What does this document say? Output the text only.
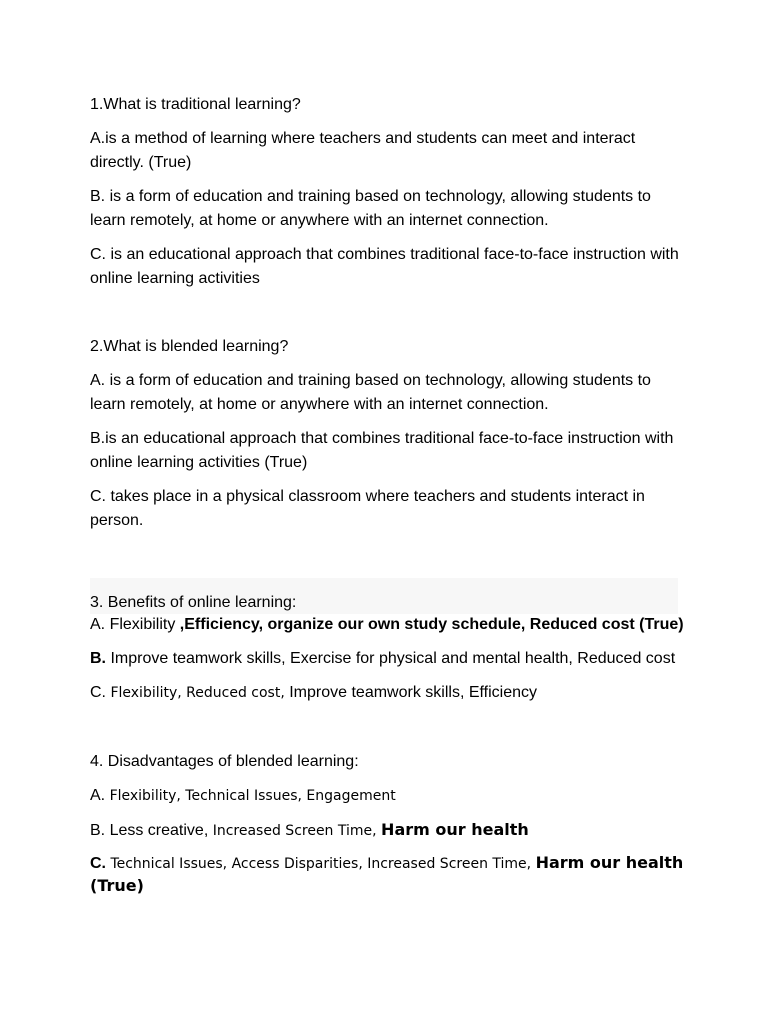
1.What is traditional learning?

A.is a method of learning where teachers and students can meet and interact directly. (True)

B. is a form of education and training based on technology, allowing students to learn remotely, at home or anywhere with an internet connection.

C. is an educational approach that combines traditional face-to-face instruction with online learning activities

2.What is blended learning?

A. is a form of education and training based on technology, allowing students to learn remotely, at home or anywhere with an internet connection.

B.is an educational approach that combines traditional face-to-face instruction with online learning activities (True)

C. takes place in a physical classroom where teachers and students interact in person.

3. Benefits of online learning:

A. Flexibility ,Efficiency, organize our own study schedule, Reduced cost (True)

B. Improve teamwork skills, Exercise for physical and mental health, Reduced cost

C. Flexibility, Reduced cost, Improve teamwork skills, Efficiency

4. Disadvantages of blended learning:

A. Flexibility, Technical Issues, Engagement

B. Less creative, Increased Screen Time, Harm our health

C. Technical Issues, Access Disparities, Increased Screen Time, Harm our health (True)
